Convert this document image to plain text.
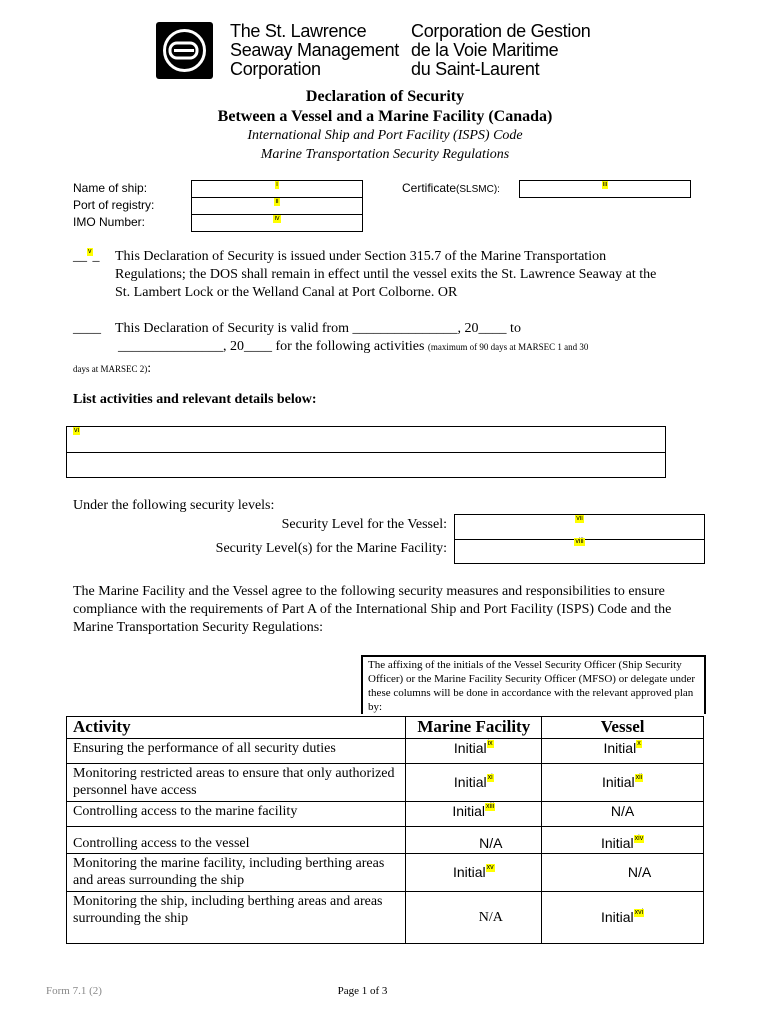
The St. Lawrence
Seaway Management
Corporation
Corporation de Gestion
de la Voie Maritime
du Saint-Laurent
Declaration of Security
Between a Vessel and a Marine Facility (Canada)
International Ship and Port Facility (ISPS) Code
Marine Transportation Security Regulations
Name of ship:	i
Port of registry:	ii
IMO Number:	iv
Certificate(SLSMC):	iii
__v_ This Declaration of Security is issued under Section 315.7 of the Marine Transportation Regulations; the DOS shall remain in effect until the vessel exits the St. Lawrence Seaway at the St. Lambert Lock or the Welland Canal at Port Colborne. OR
____ This Declaration of Security is valid from _______________, 20____ to
_______________, 20____ for the following activities (maximum of 90 days at MARSEC 1 and 30
days at MARSEC 2):
List activities and relevant details below:
vi
Under the following security levels:
Security Level for the Vessel:	vii
Security Level(s) for the Marine Facility:	viii
The Marine Facility and the Vessel agree to the following security measures and responsibilities to ensure compliance with the requirements of Part A of the International Ship and Port Facility (ISPS) Code and the Marine Transportation Security Regulations:
The affixing of the initials of the Vessel Security Officer (Ship Security Officer) or the Marine Facility Security Officer (MFSO) or delegate under these columns will be done in accordance with the relevant approved plan by:
Activity	Marine Facility	Vessel
Ensuring the performance of all security duties	Initialix	Initialx
Monitoring restricted areas to ensure that only authorized personnel have access	Initialxi	Initialxii
Controlling access to the marine facility	Initialxiii	N/A
Controlling access to the vessel	N/A	Initialxiv
Monitoring the marine facility, including berthing areas and areas surrounding the ship	Initialxv	N/A
Monitoring the ship, including berthing areas and areas surrounding the ship	N/A	Initialxvi
Form 7.1 (2)	Page 1 of 3
